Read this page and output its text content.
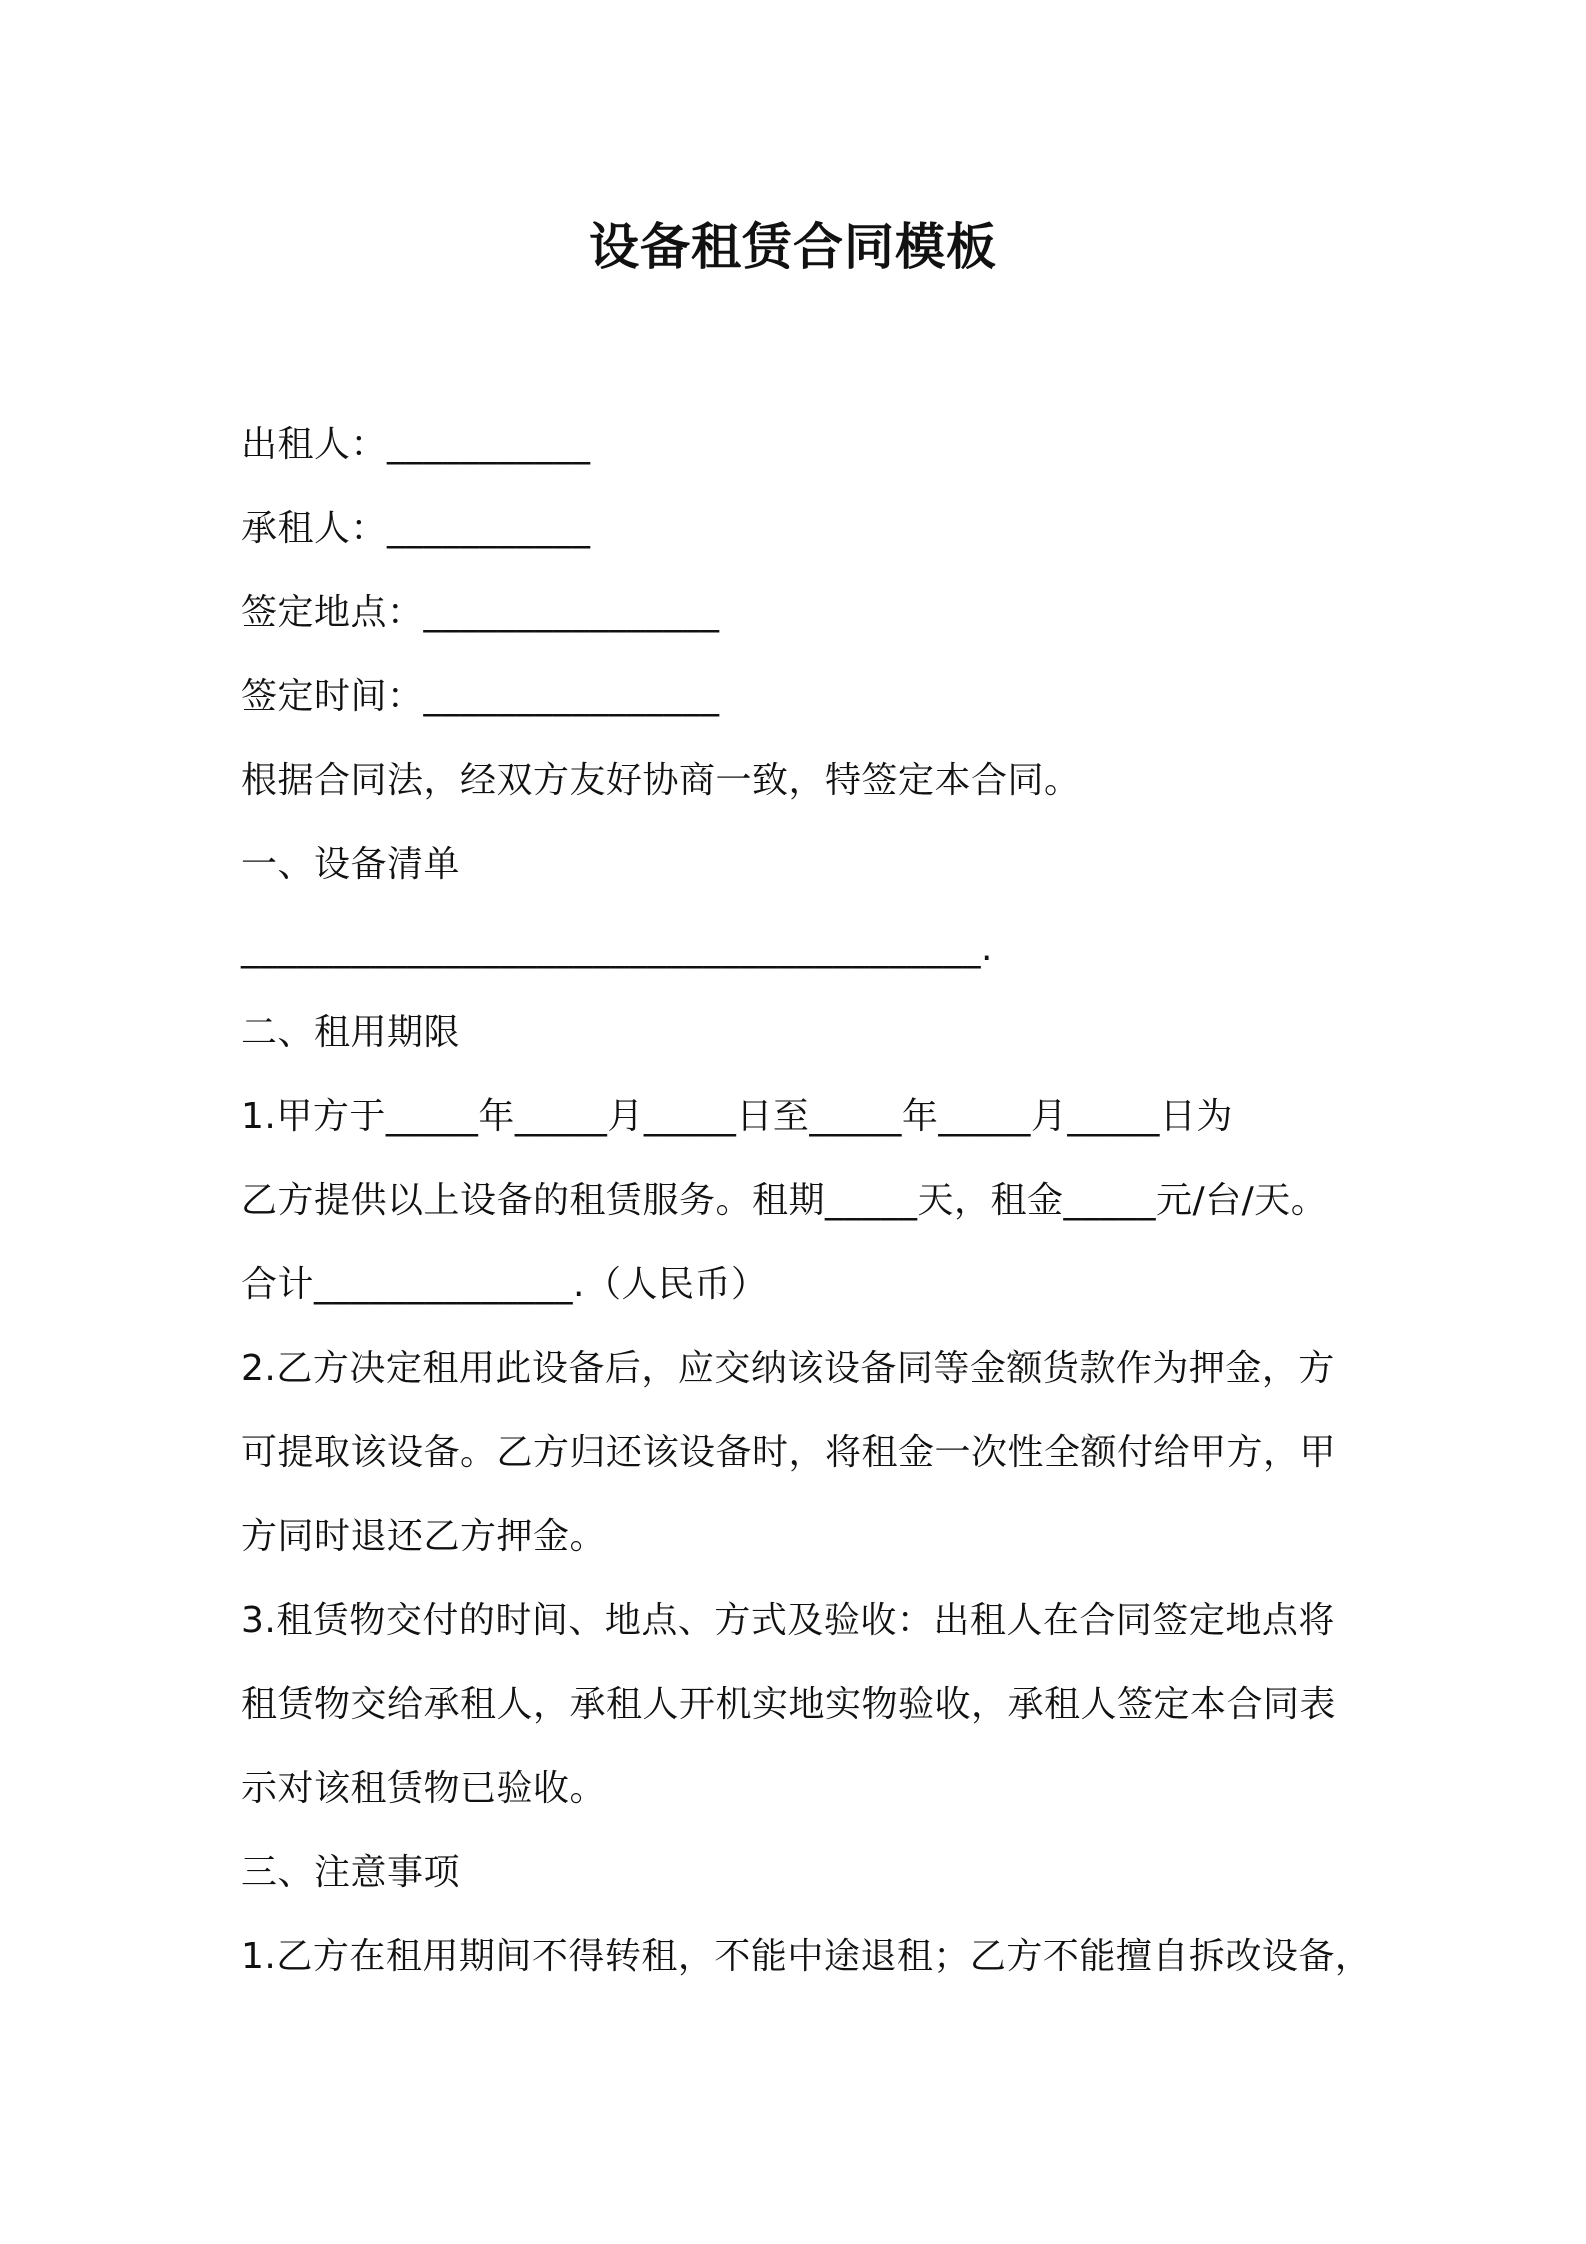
设备租赁合同模板
出租人：___________
承租人：___________
签定地点：________________
签定时间：________________
根据合同法，经双方友好协商一致，特签定本合同。
一、设备清单
________________________________________.
二、租用期限
1.甲方于_____年_____月_____日至_____年_____月_____日为
乙方提供以上设备的租赁服务。租期_____天，租金_____元/台/天。
合计______________.（人民币）
2.乙方决定租用此设备后，应交纳该设备同等金额货款作为押金，方
可提取该设备。乙方归还该设备时，将租金一次性全额付给甲方，甲
方同时退还乙方押金。
3.租赁物交付的时间、地点、方式及验收：出租人在合同签定地点将
租赁物交给承租人，承租人开机实地实物验收，承租人签定本合同表
示对该租赁物已验收。
三、注意事项
1.乙方在租用期间不得转租，不能中途退租；乙方不能擅自拆改设备，
